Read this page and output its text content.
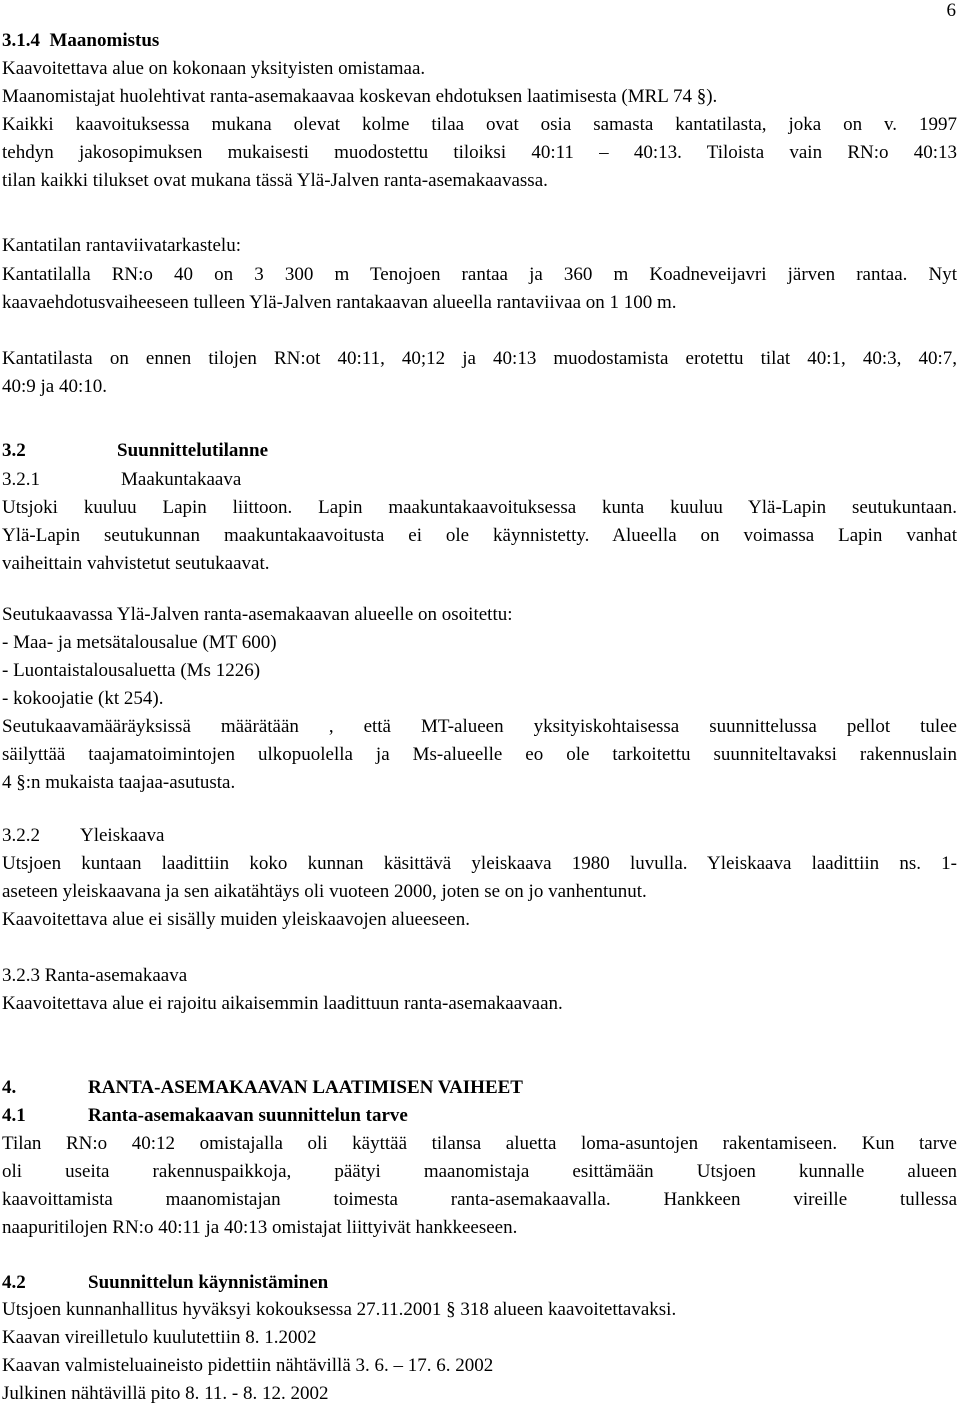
6
3.1.4 Maanomistus
Kaavoitettava alue on kokonaan yksityisten omistamaa.
Maanomistajat huolehtivat ranta-asemakaavaa koskevan ehdotuksen laatimisesta (MRL 74 §).
Kaikki kaavoituksessa mukana olevat kolme tilaa ovat osia samasta kantatilasta, joka on v. 1997
tehdyn jakosopimuksen mukaisesti muodostettu tiloiksi 40:11 – 40:13. Tiloista vain RN:o 40:13
tilan kaikki tilukset ovat mukana tässä Ylä-Jalven ranta-asemakaavassa.
Kantatilan rantaviivatarkastelu:
Kantatilalla RN:o 40 on 3 300 m Tenojoen rantaa ja 360 m Koadneveijavri järven rantaa. Nyt
kaavaehdotusvaiheeseen tulleen Ylä-Jalven rantakaavan alueella rantaviivaa on 1 100 m.
Kantatilasta on ennen tilojen RN:ot 40:11, 40;12 ja 40:13 muodostamista erotettu tilat 40:1, 40:3, 40:7,
40:9 ja 40:10.
3.2	Suunnittelutilanne
3.2.1	Maakuntakaava
Utsjoki kuuluu Lapin liittoon. Lapin maakuntakaavoituksessa kunta kuuluu Ylä-Lapin seutukuntaan.
Ylä-Lapin seutukunnan maakuntakaavoitusta ei ole käynnistetty. Alueella on voimassa Lapin vanhat
vaiheittain vahvistetut seutukaavat.
Seutukaavassa Ylä-Jalven ranta-asemakaavan alueelle on osoitettu:
- Maa- ja metsätalousalue (MT 600)
- Luontaistalousaluetta (Ms 1226)
- kokoojatie (kt 254).
Seutukaavamääräyksissä määrätään , että MT-alueen yksityiskohtaisessa suunnittelussa pellot tulee
säilyttää taajamatoimintojen ulkopuolella ja Ms-alueelle eo ole tarkoitettu suunniteltavaksi rakennuslain
4 §:n mukaista taajaa-asutusta.
3.2.2 Yleiskaava
Utsjoen kuntaan laadittiin koko kunnan käsittävä yleiskaava 1980 luvulla. Yleiskaava laadittiin ns. 1-
aseteen yleiskaavana ja sen aikatähtäys oli vuoteen 2000, joten se on jo vanhentunut.
Kaavoitettava alue ei sisälly muiden yleiskaavojen alueeseen.
3.2.3 Ranta-asemakaava
Kaavoitettava alue ei rajoitu aikaisemmin laadittuun ranta-asemakaavaan.
4.	RANTA-ASEMAKAAVAN LAATIMISEN VAIHEET
4.1	Ranta-asemakaavan suunnittelun tarve
Tilan RN:o 40:12 omistajalla oli käyttää tilansa aluetta loma-asuntojen rakentamiseen. Kun tarve
oli useita rakennuspaikkoja, päätyi maanomistaja esittämään Utsjoen kunnalle alueen
kaavoittamista maanomistajan toimesta ranta-asemakaavalla. Hankkeen vireille tullessa
naapuritilojen RN:o 40:11 ja 40:13 omistajat liittyivät hankkeeseen.
4.2	Suunnittelun käynnistäminen
Utsjoen kunnanhallitus hyväksyi kokouksessa 27.11.2001 § 318 alueen kaavoitettavaksi.
Kaavan vireilletulo kuulutettiin 8. 1.2002
Kaavan valmisteluaineisto pidettiin nähtävillä 3. 6. – 17. 6. 2002
Julkinen nähtävillä pito 8. 11. - 8. 12. 2002
